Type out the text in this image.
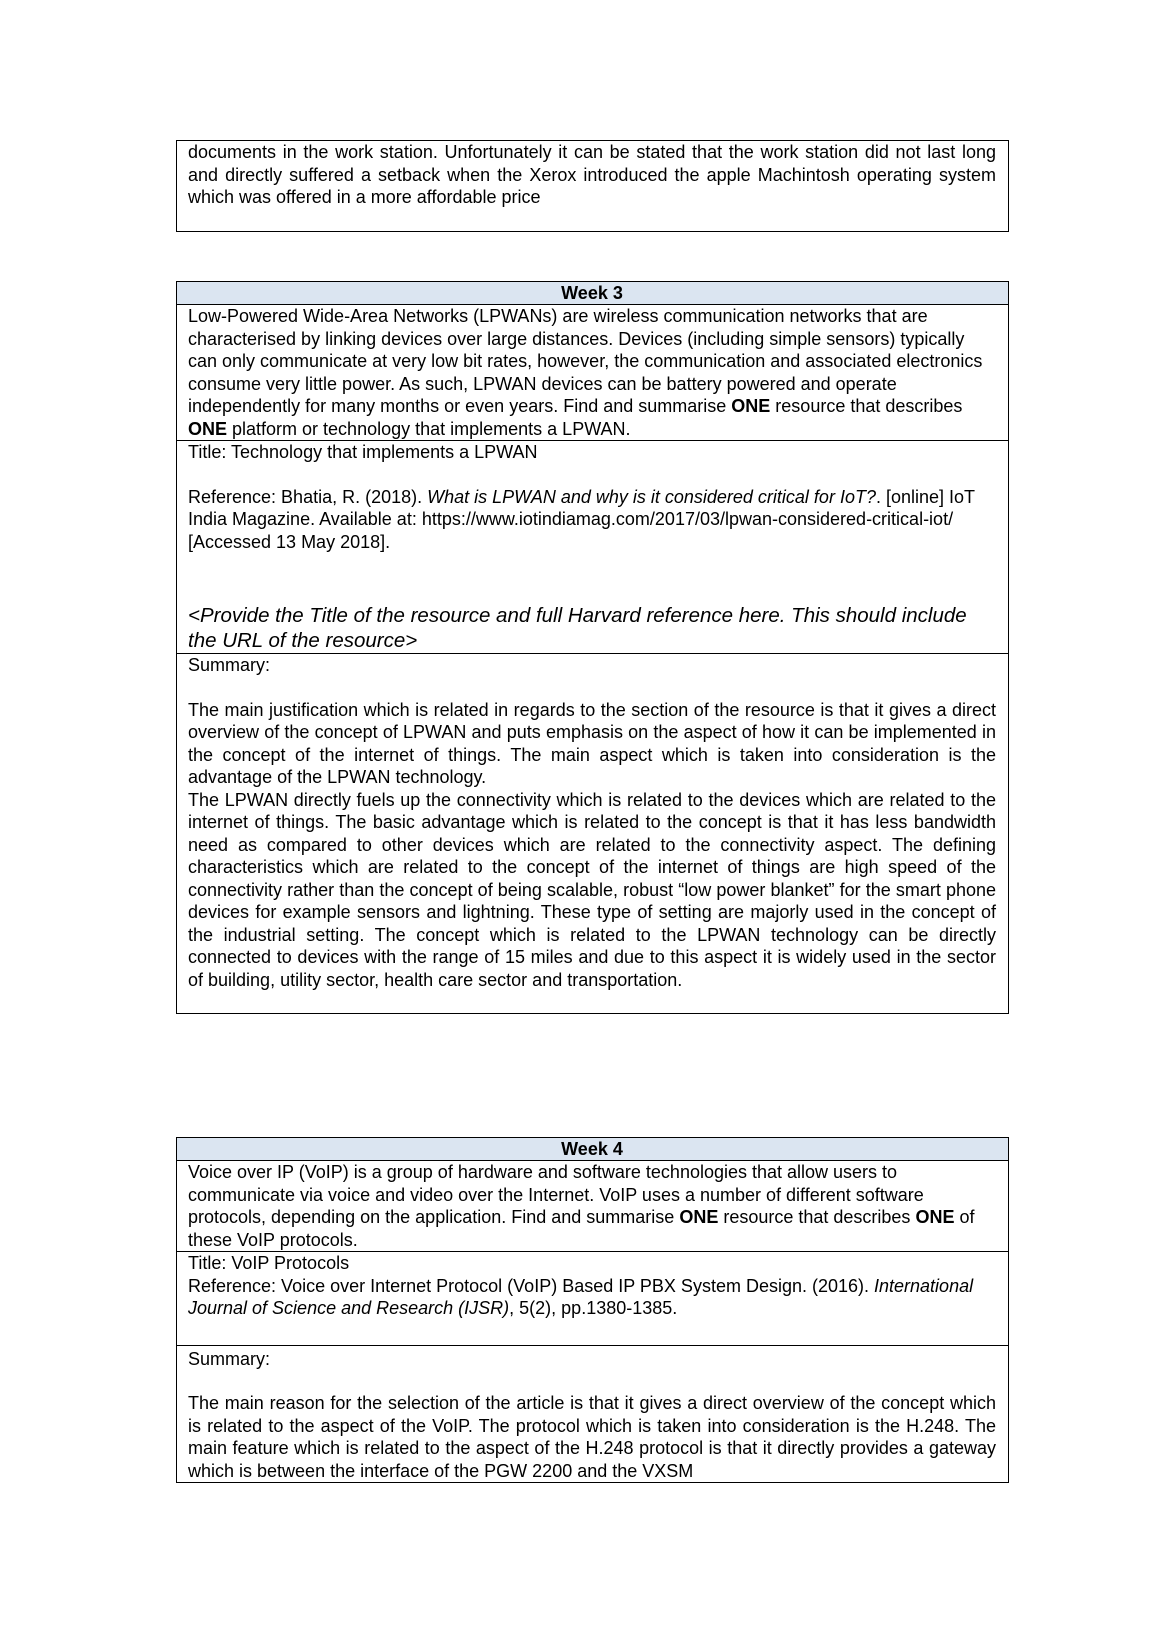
documents in the work station. Unfortunately it can be stated that the work station did not last long and directly suffered a setback when the Xerox introduced the apple Machintosh operating system which was offered in a more affordable price
Week 3
Low-Powered Wide-Area Networks (LPWANs) are wireless communication networks that are characterised by linking devices over large distances. Devices (including simple sensors) typically can only communicate at very low bit rates, however, the communication and associated electronics consume very little power. As such, LPWAN devices can be battery powered and operate independently for many months or even years. Find and summarise ONE resource that describes ONE platform or technology that implements a LPWAN.

Title: Technology that implements a LPWAN

Reference: Bhatia, R. (2018). What is LPWAN and why is it considered critical for IoT?. [online] IoT India Magazine. Available at: https://www.iotindiamag.com/2017/03/lpwan-considered-critical-iot/ [Accessed 13 May 2018].

<Provide the Title of the resource and full Harvard reference here. This should include the URL of the resource>

Summary:

The main justification which is related in regards to the section of the resource is that it gives a direct overview of the concept of LPWAN and puts emphasis on the aspect of how it can be implemented in the concept of the internet of things. The main aspect which is taken into consideration is the advantage of the LPWAN technology.

The LPWAN directly fuels up the connectivity which is related to the devices which are related to the internet of things. The basic advantage which is related to the concept is that it has less bandwidth need as compared to other devices which are related to the connectivity aspect. The defining characteristics which are related to the concept of the internet of things are high speed of the connectivity rather than the concept of being scalable, robust “low power blanket” for the smart phone devices for example sensors and lightning. These type of setting are majorly used in the concept of the industrial setting. The concept which is related to the LPWAN technology can be directly connected to devices with the range of 15 miles and due to this aspect it is widely used in the sector of building, utility sector, health care sector and transportation.

Week 4
Voice over IP (VoIP) is a group of hardware and software technologies that allow users to communicate via voice and video over the Internet. VoIP uses a number of different software protocols, depending on the application. Find and summarise ONE resource that describes ONE of these VoIP protocols.

Title: VoIP Protocols

Reference: Voice over Internet Protocol (VoIP) Based IP PBX System Design. (2016). International Journal of Science and Research (IJSR), 5(2), pp.1380-1385.

Summary:

The main reason for the selection of the article is that it gives a direct overview of the concept which is related to the aspect of the VoIP. The protocol which is taken into consideration is the H.248. The main feature which is related to the aspect of the H.248 protocol is that it directly provides a gateway which is between the interface of the PGW 2200 and the VXSM
